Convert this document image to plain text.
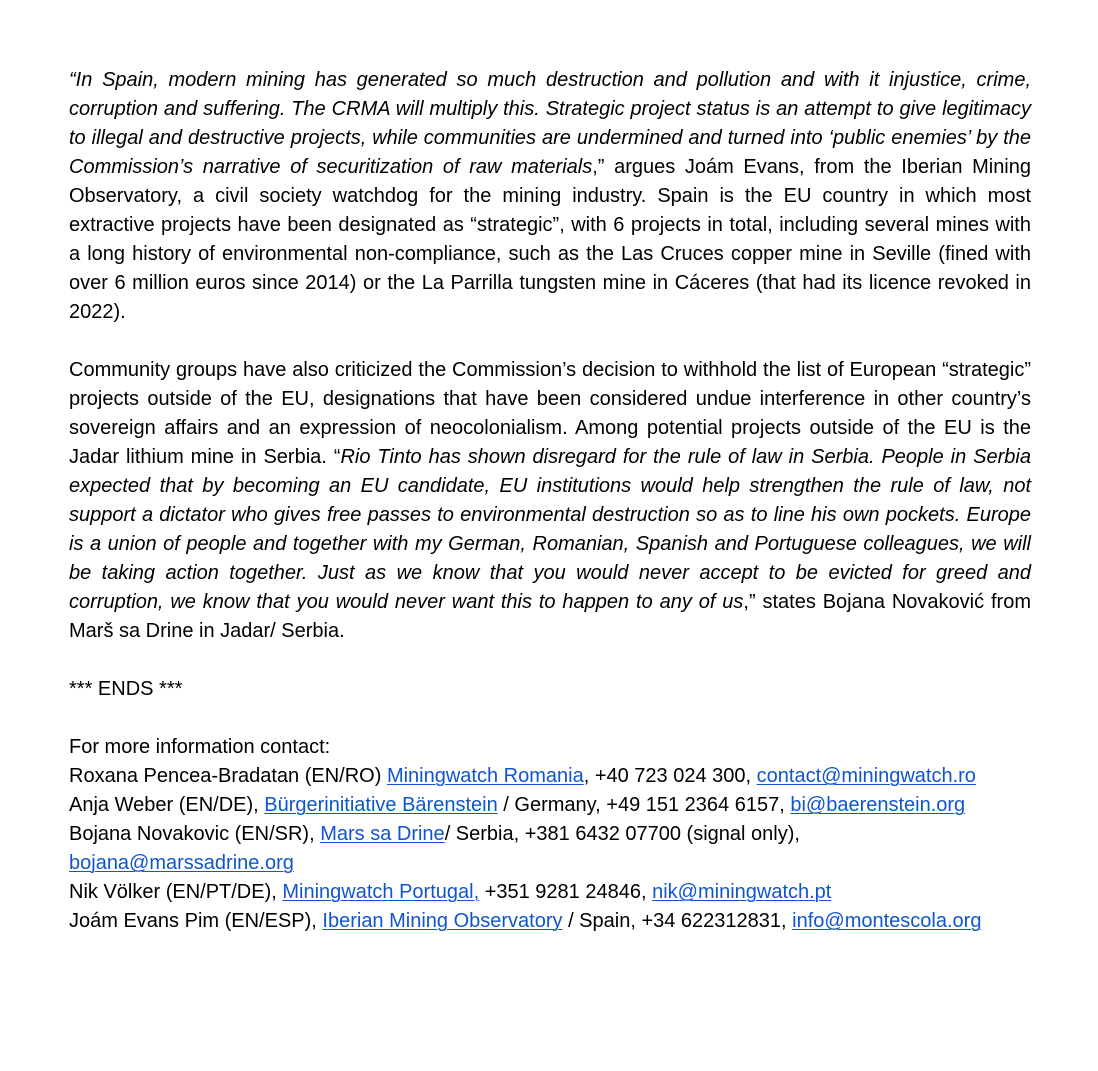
“In Spain, modern mining has generated so much destruction and pollution and with it injustice, crime, corruption and suffering. The CRMA will multiply this. Strategic project status is an attempt to give legitimacy to illegal and destructive projects, while communities are undermined and turned into ‘public enemies’ by the Commission’s narrative of securitization of raw materials,” argues Joám Evans, from the Iberian Mining Observatory, a civil society watchdog for the mining industry. Spain is the EU country in which most extractive projects have been designated as “strategic”, with 6 projects in total, including several mines with a long history of environmental non-compliance, such as the Las Cruces copper mine in Seville (fined with over 6 million euros since 2014) or the La Parrilla tungsten mine in Cáceres (that had its licence revoked in 2022).

Community groups have also criticized the Commission’s decision to withhold the list of European “strategic” projects outside of the EU, designations that have been considered undue interference in other country’s sovereign affairs and an expression of neocolonialism. Among potential projects outside of the EU is the Jadar lithium mine in Serbia. “Rio Tinto has shown disregard for the rule of law in Serbia. People in Serbia expected that by becoming an EU candidate, EU institutions would help strengthen the rule of law, not support a dictator who gives free passes to environmental destruction so as to line his own pockets. Europe is a union of people and together with my German, Romanian, Spanish and Portuguese colleagues, we will be taking action together. Just as we know that you would never accept to be evicted for greed and corruption, we know that you would never want this to happen to any of us,” states Bojana Novaković from Marš sa Drine in Jadar/ Serbia.

*** ENDS ***

For more information contact:

Roxana Pencea-Bradatan (EN/RO) Miningwatch Romania, +40 723 024 300, contact@miningwatch.ro

Anja Weber (EN/DE), Bürgerinitiative Bärenstein / Germany, +49 151 2364 6157, bi@baerenstein.org

Bojana Novakovic (EN/SR), Mars sa Drine/ Serbia, +381 6432 07700 (signal only),

bojana@marssadrine.org

Nik Völker (EN/PT/DE), Miningwatch Portugal, +351 9281 24846, nik@miningwatch.pt

Joám Evans Pim (EN/ESP), Iberian Mining Observatory / Spain, +34 622312831, info@montescola.org
